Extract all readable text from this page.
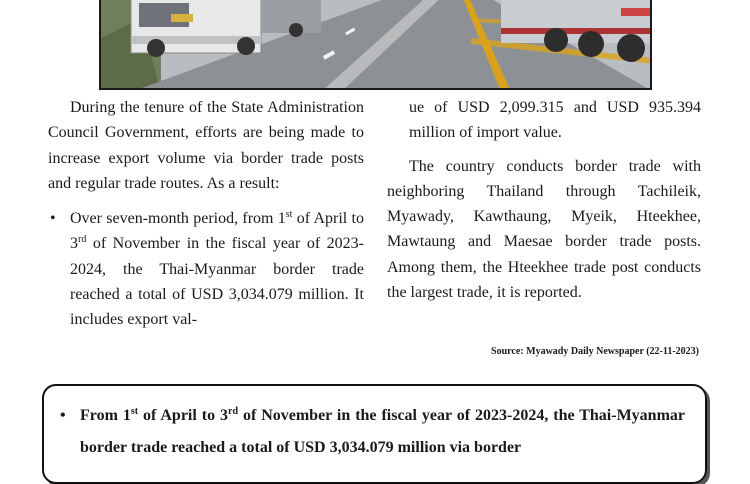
During the tenure of the State Administration Council Government, efforts are being made to increase export volume via border trade posts and regular trade routes. As a result:

• Over seven-month period, from 1st of April to 3rd of November in the fiscal year of 2023-2024, the Thai-Myanmar border trade reached a total of USD 3,034.079 million. It includes export val-

ue of USD 2,099.315 and USD 935.394 million of import value.

The country conducts border trade with neighboring Thailand through Tachileik, Myawady, Kawthaung, Myeik, Hteekhee, Mawtaung and Maesae border trade posts. Among them, the Hteekhee trade post conducts the largest trade, it is reported.

Source: Myawady Daily Newspaper (22-11-2023)

• From 1st of April to 3rd of November in the fiscal year of 2023-2024, the Thai-Myanmar border trade reached a total of USD 3,034.079 million via border
